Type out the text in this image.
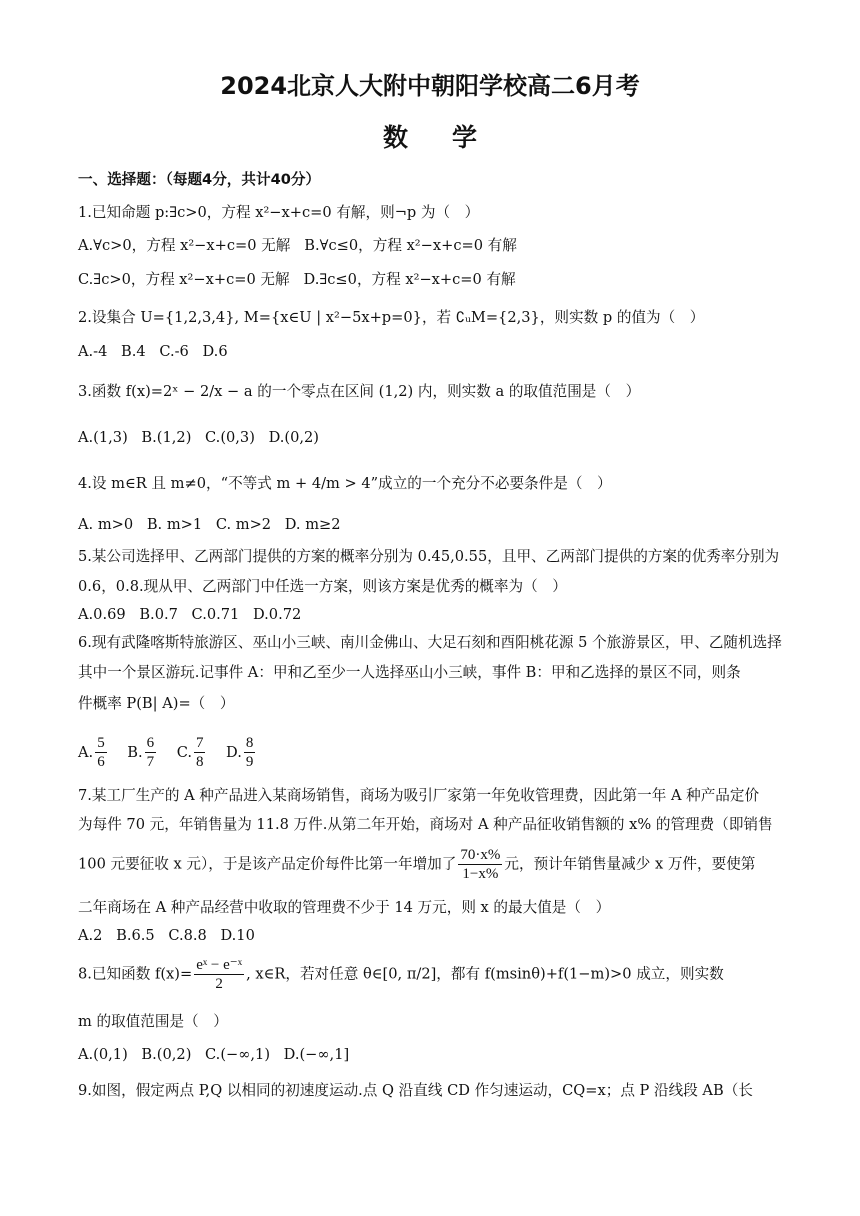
2024北京人大附中朝阳学校高二6月考
数学
一、选择题：（每题4分，共计40分）
1.已知命题 p:∃c>0，方程 x²−x+c=0 有解，则¬p 为（　）
A.∀c>0，方程 x²−x+c=0 无解 B.∀c≤0，方程 x²−x+c=0 有解
C.∃c>0，方程 x²−x+c=0 无解 D.∃c≤0，方程 x²−x+c=0 有解
2.设集合 U={1,2,3,4}, M={x∈U | x²−5x+p=0}，若 ∁ᵤM={2,3}，则实数 p 的值为（　）
A.-4 B.4 C.-6 D.6
3.函数 f(x)=2ˣ − 2/x − a 的一个零点在区间 (1,2) 内，则实数 a 的取值范围是（　）
A.(1,3) B.(1,2) C.(0,3) D.(0,2)
4.设 m∈R 且 m≠0，“不等式 m + 4/m > 4”成立的一个充分不必要条件是（　）
A. m>0 B. m>1 C. m>2 D. m≥2
5.某公司选择甲、乙两部门提供的方案的概率分别为 0.45,0.55，且甲、乙两部门提供的方案的优秀率分别为
0.6，0.8.现从甲、乙两部门中任选一方案，则该方案是优秀的概率为（　）
A.0.69 B.0.7 C.0.71 D.0.72
6.现有武隆喀斯特旅游区、巫山小三峡、南川金佛山、大足石刻和酉阳桃花源 5 个旅游景区，甲、乙随机选择
其中一个景区游玩.记事件 A：甲和乙至少一人选择巫山小三峡，事件 B：甲和乙选择的景区不同，则条
件概率 P(B| A)=（　）
A. $\frac{5}{6} B$. $\frac{6}{7} C$. $\frac{7}{8} D$. $\frac{8}{9}$
7.某工厂生产的 A 种产品进入某商场销售，商场为吸引厂家第一年免收管理费，因此第一年 A 种产品定价
为每件 70 元，年销售量为 11.8 万件.从第二年开始，商场对 A 种产品征收销售额的 x% 的管理费（即销售
100 元要征收 x 元），于是该产品定价每件比第一年增加了 $\frac{70\cdot x\%}{1-x\%}$ 元，预计年销售量减少 x 万件，要使第
二年商场在 A 种产品经营中收取的管理费不少于 14 万元，则 x 的最大值是（　）
A.2 B.6.5 C.8.8 D.10
8.已知函数 $f(x)= \frac{\text{eˣ − e⁻ˣ}}{2}$ , x∈R，若对任意 θ∈[0, π/2]，都有 f(msinθ)+f(1−m)>0 成立，则实数
m 的取值范围是（　）
A.(0,1) B.(0,2) C.(−∞,1) D.(−∞,1]
9.如图，假定两点 P,Q 以相同的初速度运动.点 Q 沿直线 CD 作匀速运动，CQ=x；点 P 沿线段 AB（长
